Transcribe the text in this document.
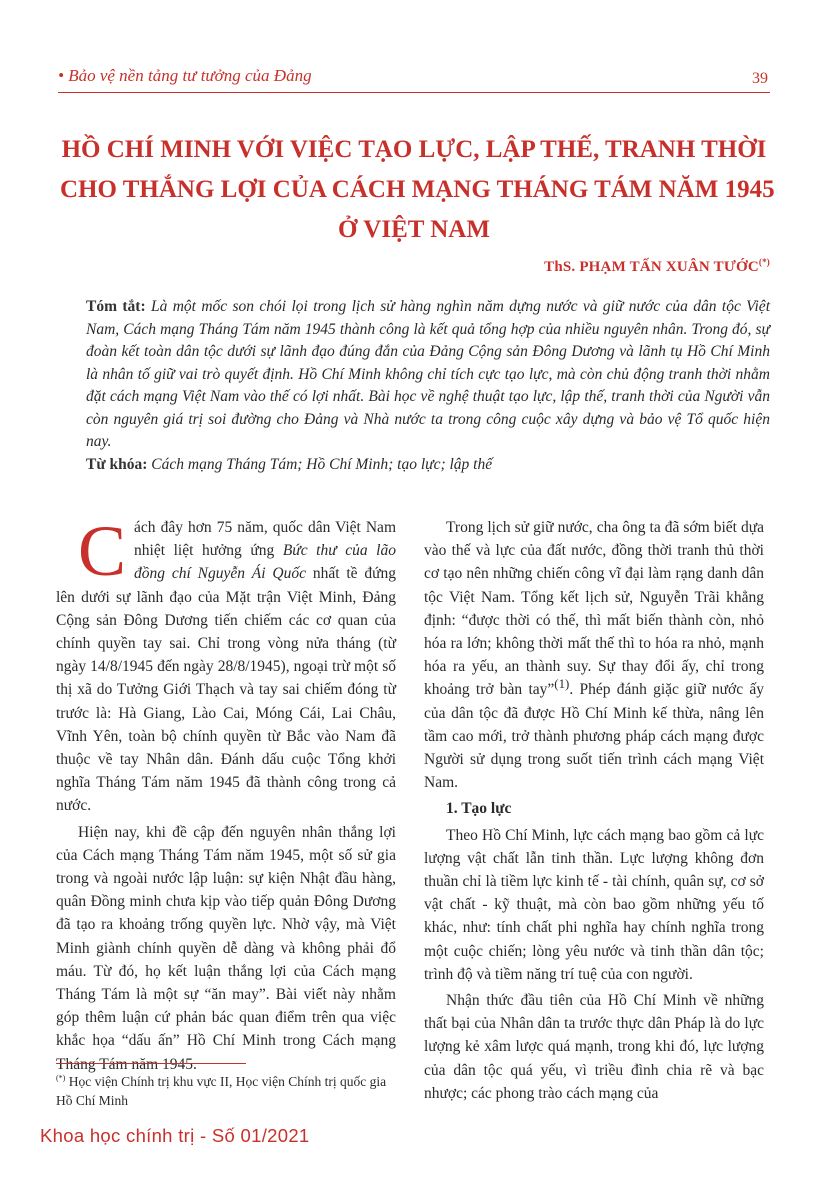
• Bảo vệ nền tảng tư tưởng của Đảng	39
HỒ CHÍ MINH VỚI VIỆC TẠO LỰC, LẬP THẾ, TRANH THỜI
CHO THẮNG LỢI CỦA CÁCH MẠNG THÁNG TÁM NĂM 1945
Ở VIỆT NAM
ThS. PHẠM TẤN XUÂN TƯỚC(*)

Tóm tắt: Là một mốc son chói lọi trong lịch sử hàng nghìn năm dựng nước và giữ nước của dân tộc Việt Nam, Cách mạng Tháng Tám năm 1945 thành công là kết quả tổng hợp của nhiều nguyên nhân. Trong đó, sự đoàn kết toàn dân tộc dưới sự lãnh đạo đúng đắn của Đảng Cộng sản Đông Dương và lãnh tụ Hồ Chí Minh là nhân tố giữ vai trò quyết định. Hồ Chí Minh không chỉ tích cực tạo lực, mà còn chủ động tranh thời nhằm đặt cách mạng Việt Nam vào thế có lợi nhất. Bài học về nghệ thuật tạo lực, lập thế, tranh thời của Người vẫn còn nguyên giá trị soi đường cho Đảng và Nhà nước ta trong công cuộc xây dựng và bảo vệ Tổ quốc hiện nay.

Từ khóa: Cách mạng Tháng Tám; Hồ Chí Minh; tạo lực; lập thế

Cách đây hơn 75 năm, quốc dân Việt Nam nhiệt liệt hưởng ứng Bức thư của lão đồng chí Nguyễn Ái Quốc nhất tề đứng lên dưới sự lãnh đạo của Mặt trận Việt Minh, Đảng Cộng sản Đông Dương tiến chiếm các cơ quan của chính quyền tay sai. Chỉ trong vòng nửa tháng (từ ngày 14/8/1945 đến ngày 28/8/1945), ngoại trừ một số thị xã do Tưởng Giới Thạch và tay sai chiếm đóng từ trước là: Hà Giang, Lào Cai, Móng Cái, Lai Châu, Vĩnh Yên, toàn bộ chính quyền từ Bắc vào Nam đã thuộc về tay Nhân dân. Đánh dấu cuộc Tổng khởi nghĩa Tháng Tám năm 1945 đã thành công trong cả nước.

Hiện nay, khi đề cập đến nguyên nhân thắng lợi của Cách mạng Tháng Tám năm 1945, một số sử gia trong và ngoài nước lập luận: sự kiện Nhật đầu hàng, quân Đồng minh chưa kịp vào tiếp quản Đông Dương đã tạo ra khoảng trống quyền lực. Nhờ vậy, mà Việt Minh giành chính quyền dễ dàng và không phải đổ máu. Từ đó, họ kết luận thắng lợi của Cách mạng Tháng Tám là một sự “ăn may”. Bài viết này nhằm góp thêm luận cứ phản bác quan điểm trên qua việc khắc họa “dấu ấn” Hồ Chí Minh trong Cách mạng Tháng Tám năm 1945.

Trong lịch sử giữ nước, cha ông ta đã sớm biết dựa vào thế và lực của đất nước, đồng thời tranh thủ thời cơ tạo nên những chiến công vĩ đại làm rạng danh dân tộc Việt Nam. Tổng kết lịch sử, Nguyễn Trãi khẳng định: “được thời có thế, thì mất biến thành còn, nhỏ hóa ra lớn; không thời mất thế thì to hóa ra nhỏ, mạnh hóa ra yếu, an thành suy. Sự thay đổi ấy, chỉ trong khoảng trở bàn tay”$^{(1)}$. Phép đánh giặc giữ nước ấy của dân tộc đã được Hồ Chí Minh kế thừa, nâng lên tầm cao mới, trở thành phương pháp cách mạng được Người sử dụng trong suốt tiến trình cách mạng Việt Nam.

1. Tạo lực

Theo Hồ Chí Minh, lực cách mạng bao gồm cả lực lượng vật chất lẫn tinh thần. Lực lượng không đơn thuần chỉ là tiềm lực kinh tế - tài chính, quân sự, cơ sở vật chất - kỹ thuật, mà còn bao gồm những yếu tố khác, như: tính chất phi nghĩa hay chính nghĩa trong một cuộc chiến; lòng yêu nước và tinh thần dân tộc; trình độ và tiềm năng trí tuệ của con người.

Nhận thức đầu tiên của Hồ Chí Minh về những thất bại của Nhân dân ta trước thực dân Pháp là do lực lượng kẻ xâm lược quá mạnh, trong khi đó, lực lượng của dân tộc quá yếu, vì triều đình chia rẽ và bạc nhược; các phong trào cách mạng của

(*) Học viện Chính trị khu vực II, Học viện Chính trị quốc gia Hồ Chí Minh
Khoa học chính trị - Số 01/2021
